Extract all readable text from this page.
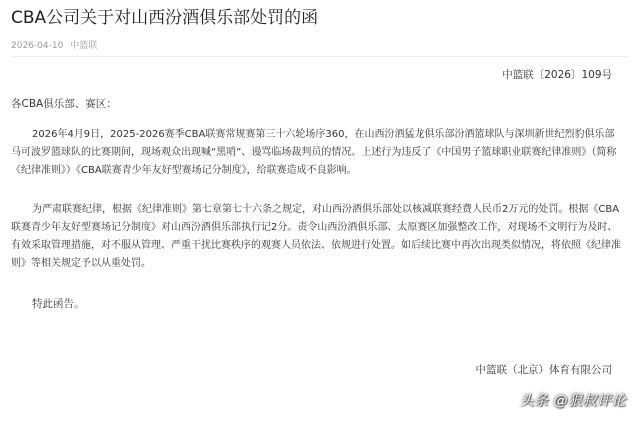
CBA公司关于对山西汾酒俱乐部处罚的函
2026-04-10 中篮联
中篮联〔2026〕109号
各CBA俱乐部、赛区：
2026年4月9日，2025-2026赛季CBA联赛常规赛第三十六轮场序360，在山西汾酒猛龙俱乐部汾酒篮球队与深圳新世纪烈豹俱乐部马可波罗篮球队的比赛期间，现场观众出现喊“黑哨”、谩骂临场裁判员的情况。上述行为违反了《中国男子篮球职业联赛纪律准则》（简称《纪律准则》）《CBA联赛青少年友好型赛场记分制度》，给联赛造成不良影响。
为严肃联赛纪律，根据《纪律准则》第七章第七十六条之规定，对山西汾酒俱乐部处以核减联赛经费人民币2万元的处罚。根据《CBA联赛青少年友好型赛场记分制度》对山西汾酒俱乐部执行记2分。责令山西汾酒俱乐部、太原赛区加强整改工作，对现场不文明行为及时、有效采取管理措施，对不服从管理、严重干扰比赛秩序的观赛人员依法、依规进行处置。如后续比赛中再次出现类似情况，将依照《纪律准则》等相关规定予以从重处罚。
特此函告。
中篮联（北京）体育有限公司
头条 @狠叔评论
